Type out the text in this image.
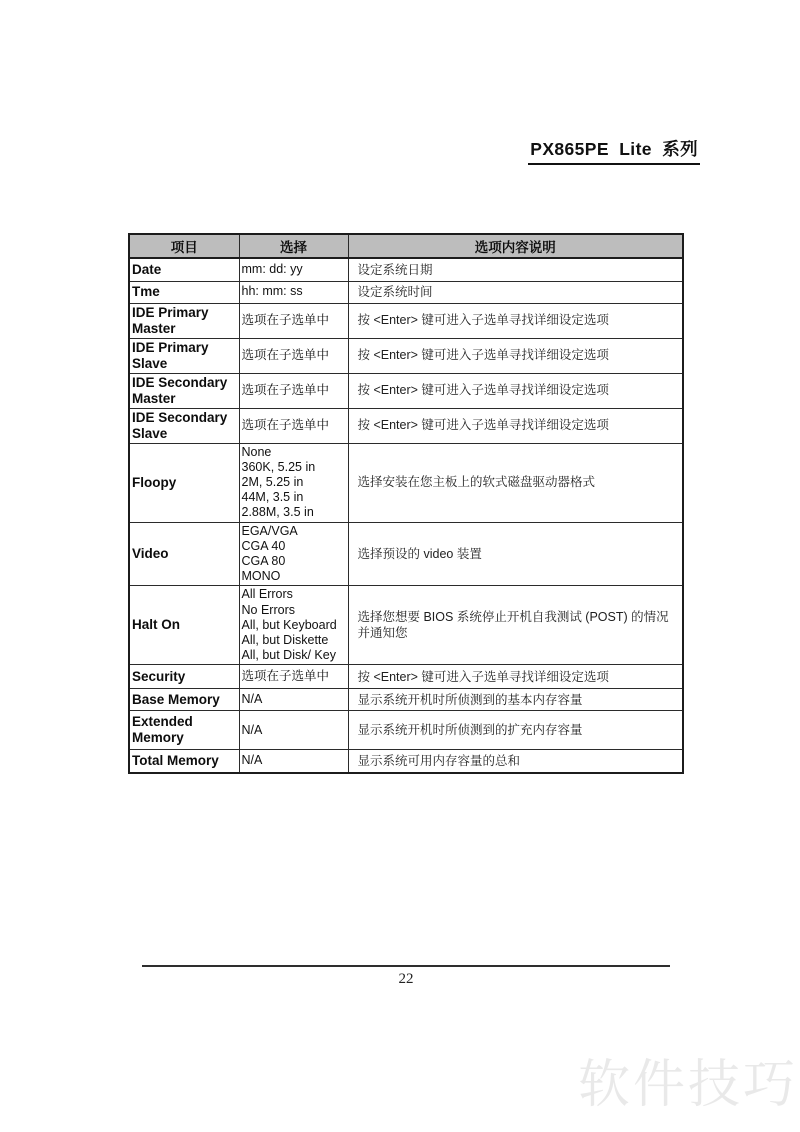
PX865PE Lite 系列
项目	选择	选项内容说明
Date	mm: dd: yy	设定系统日期
Tme	hh: mm: ss	设定系统时间
IDE Primary Master	选项在子选单中	按 <Enter> 键可进入子选单寻找详细设定选项
IDE Primary Slave	选项在子选单中	按 <Enter> 键可进入子选单寻找详细设定选项
IDE Secondary Master	选项在子选单中	按 <Enter> 键可进入子选单寻找详细设定选项
IDE Secondary Slave	选项在子选单中	按 <Enter> 键可进入子选单寻找详细设定选项
Floopy	None
360K, 5.25 in
2M, 5.25 in
44M, 3.5 in
2.88M, 3.5 in	选择安装在您主板上的软式磁盘驱动器格式
Video	EGA/VGA
CGA 40
CGA 80
MONO	选择预设的 video 装置
Halt On	All Errors
No Errors
All, but Keyboard
All, but Diskette
All, but Disk/ Key	选择您想要 BIOS 系统停止开机自我测试 (POST) 的情况并通知您
Security	选项在子选单中	按 <Enter> 键可进入子选单寻找详细设定选项
Base Memory	N/A	显示系统开机时所侦测到的基本内存容量
Extended Memory	N/A	显示系统开机时所侦测到的扩充内存容量
Total Memory	N/A	显示系统可用内存容量的总和
22
软件技巧
